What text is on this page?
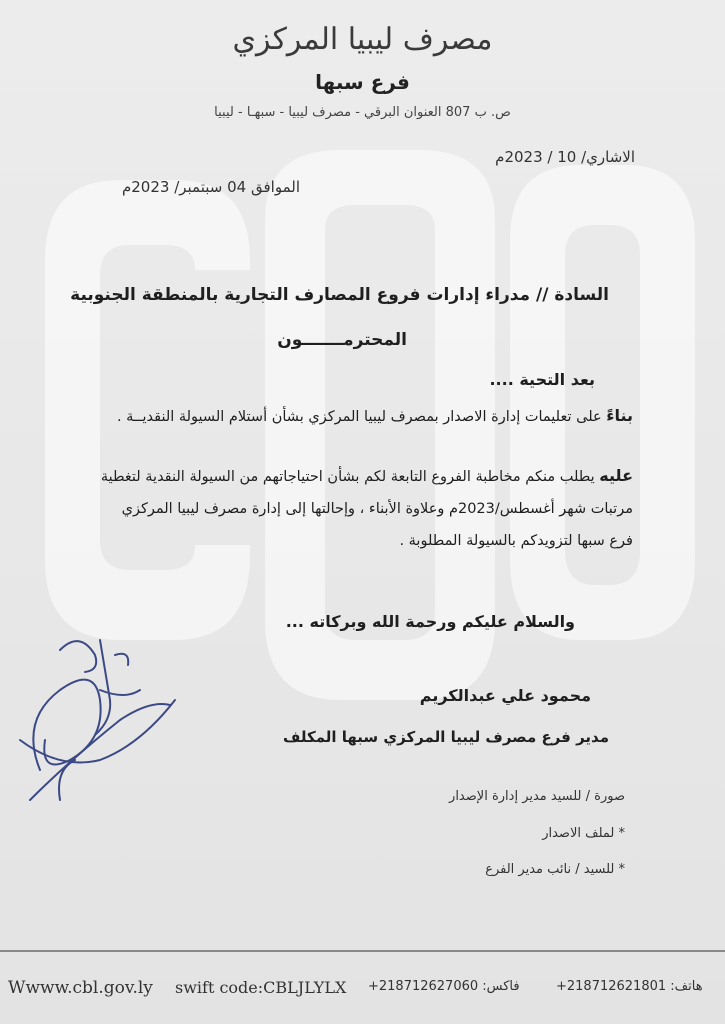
مصرف ليبيا المركزي
فرع سبها
ص. ب 807 العنوان البرقي - مصرف ليبيا - سبهـا - ليبيا
الاشاري/ 10 / 2023م
الموافق 04 سبتمبر/ 2023م
السادة // مدراء إدارات فروع المصارف التجارية بالمنطقة الجنوبية
المحترمـــــــون
بعد التحية ....
بناءً على تعليمات إدارة الاصدار بمصرف ليبيا المركزي بشأن أستلام السيولة النقديــة .
عليه يطلب منكم مخاطبة الفروع التابعة لكم بشأن احتياجاتهم من السيولة النقدية لتغطية مرتبات شهر أغسطس/2023م وعلاوة الأبناء ، وإحالتها إلى إدارة مصرف ليبيا المركزي فرع سبها لتزويدكم بالسيولة المطلوبة .
والسلام عليكم ورحمة الله وبركاته ...
محمود علي عبدالكريم
مدير فرع مصرف ليبيا المركزي سبها المكلف
صورة / للسيد مدير إدارة الإصدار
* لملف الاصدار
* للسيد / نائب مدير الفرع
Wwww.cbl.gov.ly swift code:CBLJLYLX +218712627060 :فاكس	+218712621801 :هاتف
